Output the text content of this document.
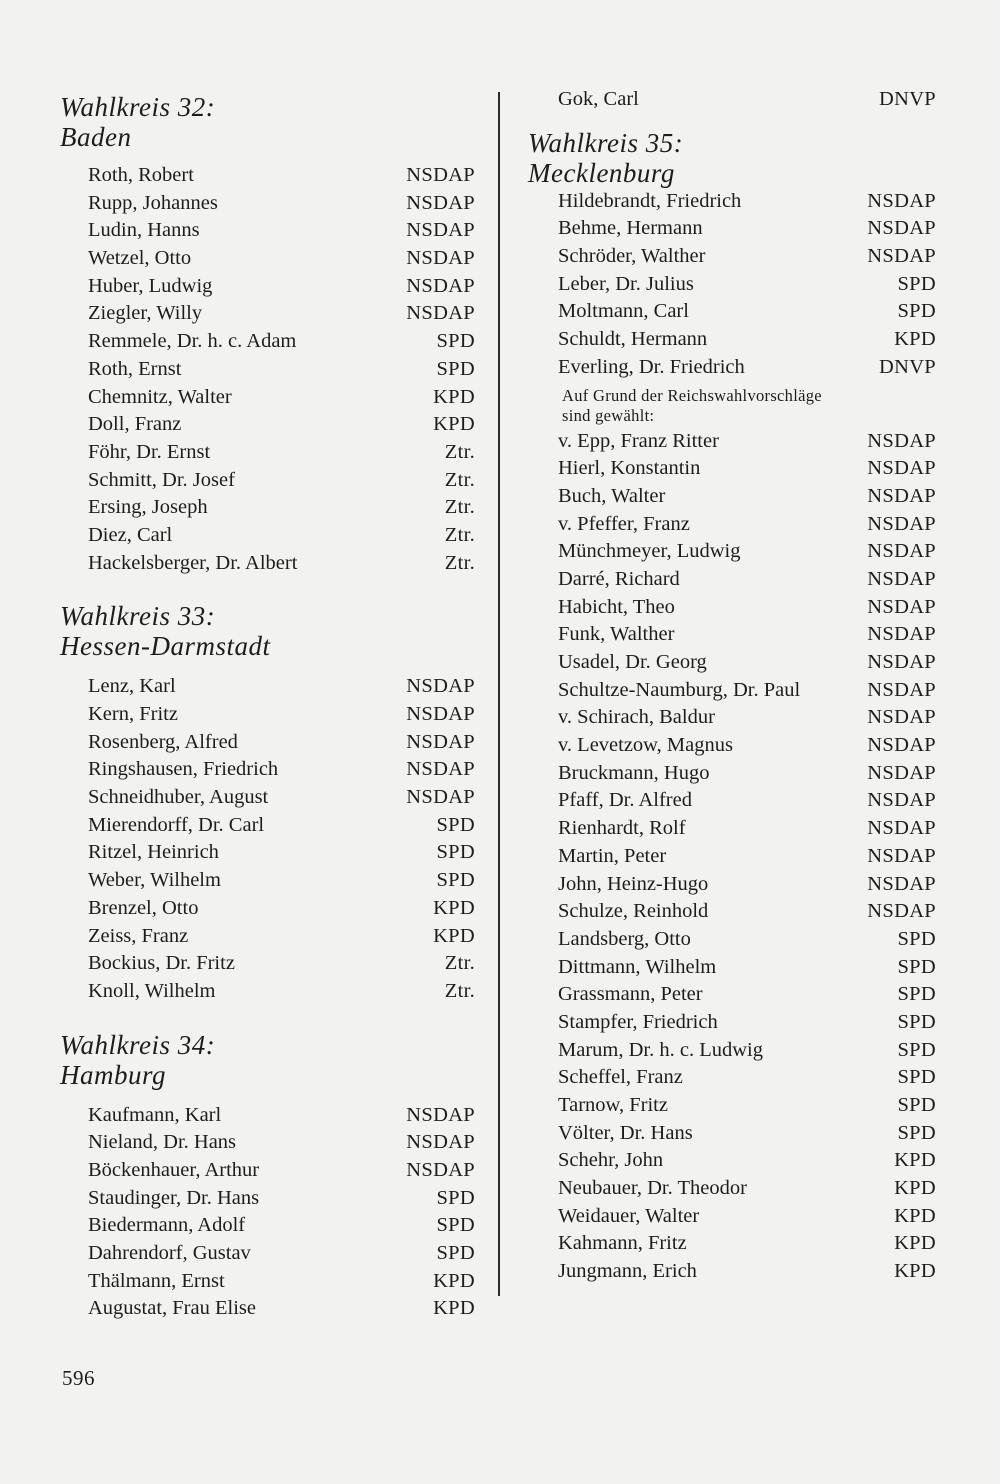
Wahlkreis 32:
Baden
Roth, Robert	NSDAP
Rupp, Johannes	NSDAP
Ludin, Hanns	NSDAP
Wetzel, Otto	NSDAP
Huber, Ludwig	NSDAP
Ziegler, Willy	NSDAP
Remmele, Dr. h. c. Adam	SPD
Roth, Ernst	SPD
Chemnitz, Walter	KPD
Doll, Franz	KPD
Föhr, Dr. Ernst	Ztr.
Schmitt, Dr. Josef	Ztr.
Ersing, Joseph	Ztr.
Diez, Carl	Ztr.
Hackelsberger, Dr. Albert	Ztr.
Wahlkreis 33:
Hessen-Darmstadt
Lenz, Karl	NSDAP
Kern, Fritz	NSDAP
Rosenberg, Alfred	NSDAP
Ringshausen, Friedrich	NSDAP
Schneidhuber, August	NSDAP
Mierendorff, Dr. Carl	SPD
Ritzel, Heinrich	SPD
Weber, Wilhelm	SPD
Brenzel, Otto	KPD
Zeiss, Franz	KPD
Bockius, Dr. Fritz	Ztr.
Knoll, Wilhelm	Ztr.
Wahlkreis 34:
Hamburg
Kaufmann, Karl	NSDAP
Nieland, Dr. Hans	NSDAP
Böckenhauer, Arthur	NSDAP
Staudinger, Dr. Hans	SPD
Biedermann, Adolf	SPD
Dahrendorf, Gustav	SPD
Thälmann, Ernst	KPD
Augustat, Frau Elise	KPD
Gok, Carl	DNVP
Wahlkreis 35:
Mecklenburg
Hildebrandt, Friedrich	NSDAP
Behme, Hermann	NSDAP
Schröder, Walther	NSDAP
Leber, Dr. Julius	SPD
Moltmann, Carl	SPD
Schuldt, Hermann	KPD
Everling, Dr. Friedrich	DNVP
Auf Grund der Reichswahlvorschläge
sind gewählt:
v. Epp, Franz Ritter	NSDAP
Hierl, Konstantin	NSDAP
Buch, Walter	NSDAP
v. Pfeffer, Franz	NSDAP
Münchmeyer, Ludwig	NSDAP
Darré, Richard	NSDAP
Habicht, Theo	NSDAP
Funk, Walther	NSDAP
Usadel, Dr. Georg	NSDAP
Schultze-Naumburg, Dr. Paul	NSDAP
v. Schirach, Baldur	NSDAP
v. Levetzow, Magnus	NSDAP
Bruckmann, Hugo	NSDAP
Pfaff, Dr. Alfred	NSDAP
Rienhardt, Rolf	NSDAP
Martin, Peter	NSDAP
John, Heinz-Hugo	NSDAP
Schulze, Reinhold	NSDAP
Landsberg, Otto	SPD
Dittmann, Wilhelm	SPD
Grassmann, Peter	SPD
Stampfer, Friedrich	SPD
Marum, Dr. h. c. Ludwig	SPD
Scheffel, Franz	SPD
Tarnow, Fritz	SPD
Völter, Dr. Hans	SPD
Schehr, John	KPD
Neubauer, Dr. Theodor	KPD
Weidauer, Walter	KPD
Kahmann, Fritz	KPD
Jungmann, Erich	KPD
596
